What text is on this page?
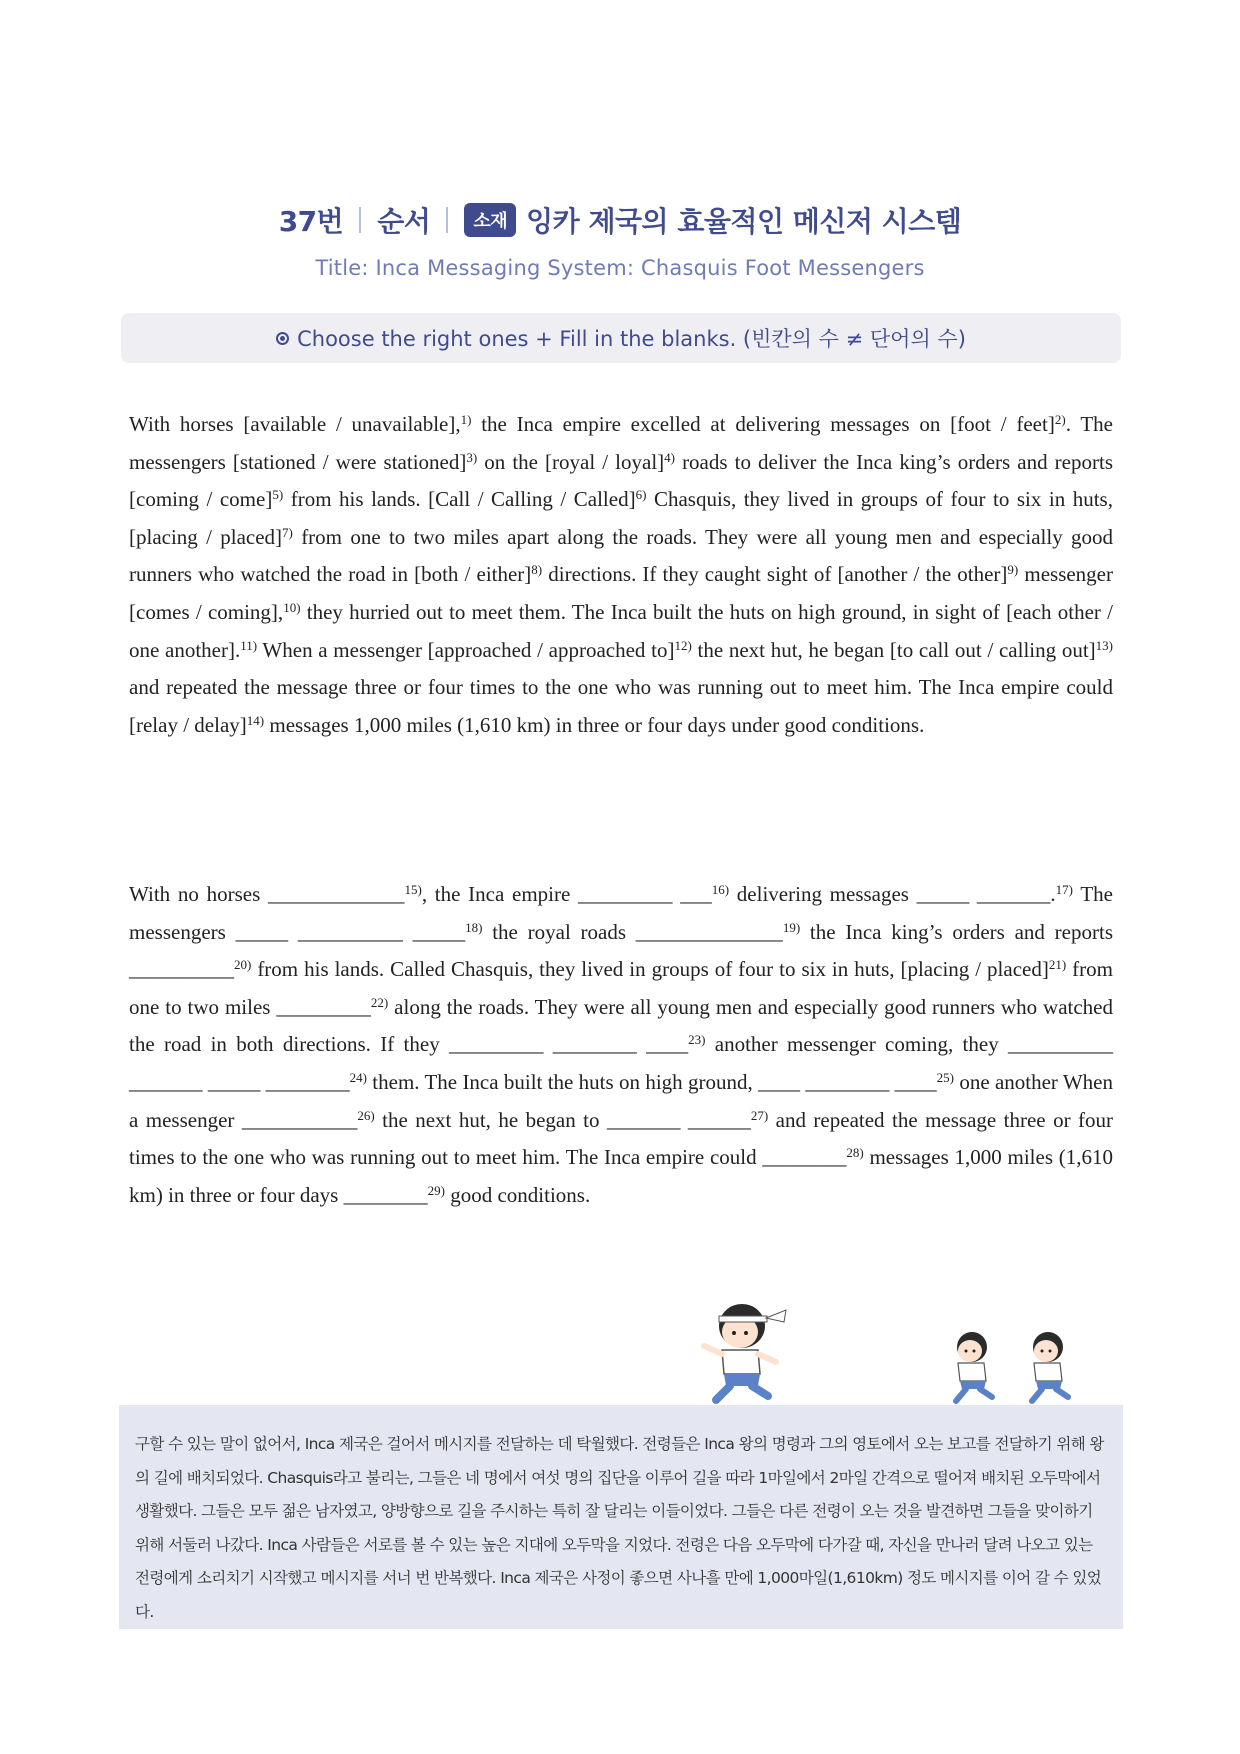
37번 순서	소재 잉카 제국의 효율적인 메신저 시스템
Title: Inca Messaging System: Chasquis Foot Messengers
Choose the right ones + Fill in the blanks. (빈칸의 수 ≠ 단어의 수)

With horses [available / unavailable],$^{1)}$ the Inca empire excelled at delivering messages on [foot / feet]$^{2)}$. The messengers [stationed / were stationed]$^{3)}$ on the [royal / loyal]$^{4)}$ roads to deliver the Inca king’s orders and reports [coming / come]$^{5)}$ from his lands. [Call / Calling / Called]$^{6)}$ Chasquis, they lived in groups of four to six in huts, [placing / placed]$^{7)}$ from one to two miles apart along the roads. They were all young men and especially good runners who watched the road in [both / either]$^{8)}$ directions. If they caught sight of [another / the other]$^{9)}$ messenger [comes / coming],$^{10)}$ they hurried out to meet them. The Inca built the huts on high ground, in sight of [each other / one another].$^{11)}$ When a messenger [approached / approached to]$^{12)}$ the next hut, he began [to call out / calling out]$^{13)}$ and repeated the message three or four times to the one who was running out to meet him. The Inca empire could [relay / delay]$^{14)}$ messages 1,000 miles (1,610 km) in three or four days under good conditions.

With no horses _____________$^{15)}$, the Inca empire _________ ___$^{16)}$ delivering messages _____ _______.$^{17)}$ The messengers _____ __________ _____$^{18)}$ the royal roads ______________$^{19)}$ the Inca king’s orders and reports __________$^{20)}$ from his lands. Called Chasquis, they lived in groups of four to six in huts, [placing / placed]$^{21)}$ from one to two miles _________$^{22)}$ along the roads. They were all young men and especially good runners who watched the road in both directions. If they _________ ________ ____$^{23)}$ another messenger coming, they __________ _______ _____ ________$^{24)}$ them. The Inca built the huts on high ground, ____ ________ ____$^{25)}$ one another When a messenger ___________$^{26)}$ the next hut, he began to _______ ______$^{27)}$ and repeated the message three or four times to the one who was running out to meet him. The Inca empire could ________$^{28)}$ messages 1,000 miles (1,610 km) in three or four days ________$^{29)}$ good conditions.

구할 수 있는 말이 없어서, Inca 제국은 걸어서 메시지를 전달하는 데 탁월했다. 전령들은 Inca 왕의 명령과 그의 영토에서 오는 보고를 전달하기 위해 왕의 길에 배치되었다. Chasquis라고 불리는, 그들은 네 명에서 여섯 명의 집단을 이루어 길을 따라 1마일에서 2마일 간격으로 떨어져 배치된 오두막에서 생활했다. 그들은 모두 젊은 남자였고, 양방향으로 길을 주시하는 특히 잘 달리는 이들이었다. 그들은 다른 전령이 오는 것을 발견하면 그들을 맞이하기 위해 서둘러 나갔다. Inca 사람들은 서로를 볼 수 있는 높은 지대에 오두막을 지었다. 전령은 다음 오두막에 다가갈 때, 자신을 만나러 달려 나오고 있는 전령에게 소리치기 시작했고 메시지를 서너 번 반복했다. Inca 제국은 사정이 좋으면 사나흘 만에 1,000마일(1,610km) 정도 메시지를 이어 갈 수 있었다.
